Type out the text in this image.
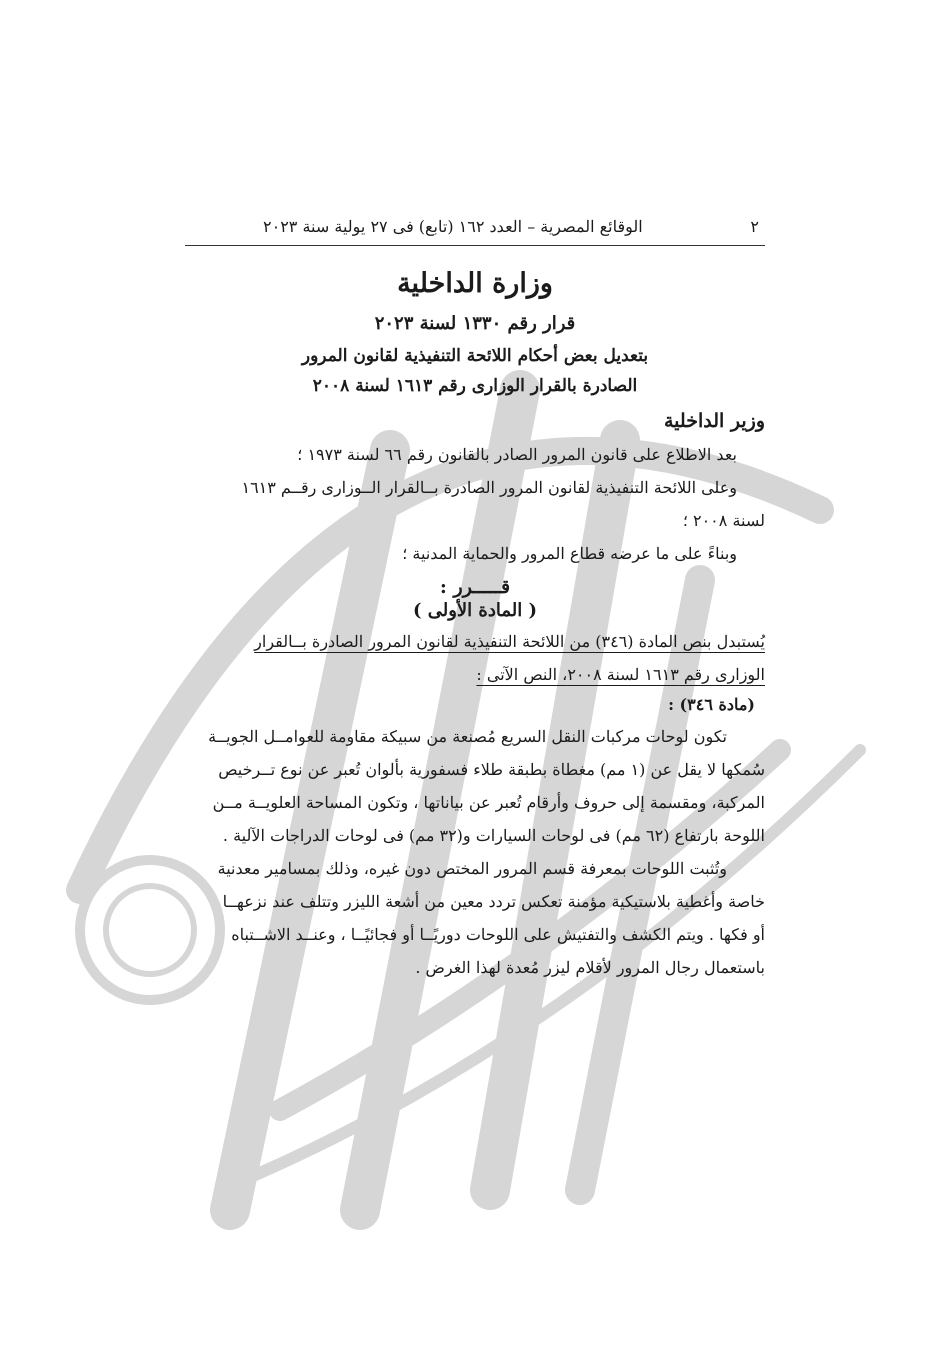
٢
الوقائع المصرية – العدد ١٦٢ (تابع) فى ٢٧ يولية سنة ٢٠٢٣
وزارة الداخلية
قرار رقم ١٣٣٠ لسنة ٢٠٢٣
بتعديل بعض أحكام اللائحة التنفيذية لقانون المرور
الصادرة بالقرار الوزارى رقم ١٦١٣ لسنة ٢٠٠٨
وزير الداخلية

بعد الاطلاع على قانون المرور الصادر بالقانون رقم ٦٦ لسنة ١٩٧٣ ؛

وعلى اللائحة التنفيذية لقانون المرور الصادرة بــالقرار الــوزارى رقــم ١٦١٣

لسنة ٢٠٠٨ ؛

وبناءً على ما عرضه قطاع المرور والحماية المدنية ؛

قـــــرر :
( المادة الأولى )

يُستبدل بنص المادة (٣٤٦) من اللائحة التنفيذية لقانون المرور الصادرة بــالقرار

الوزارى رقم ١٦١٣ لسنة ٢٠٠٨، النص الآتى :

(مادة ٣٤٦) :

تكون لوحات مركبات النقل السريع مُصنعة من سبيكة مقاومة للعوامــل الجويــة

سُمكها لا يقل عن (١ مم) مغطاة بطبقة طلاء فسفورية بألوان تُعبر عن نوع تــرخيص

المركبة، ومقسمة إلى حروف وأرقام تُعبر عن بياناتها ، وتكون المساحة العلويــة مــن

اللوحة بارتفاع (٦٢ مم) فى لوحات السيارات و(٣٢ مم) فى لوحات الدراجات الآلية .

وتُثبت اللوحات بمعرفة قسم المرور المختص دون غيره، وذلك بمسامير معدنية

خاصة وأغطية بلاستيكية مؤمنة تعكس تردد معين من أشعة الليزر وتتلف عند نزعهــا

أو فكها . ويتم الكشف والتفتيش على اللوحات دوريًــا أو فجائيًــا ، وعنــد الاشــتباه

باستعمال رجال المرور لأقلام ليزر مُعدة لهذا الغرض .
